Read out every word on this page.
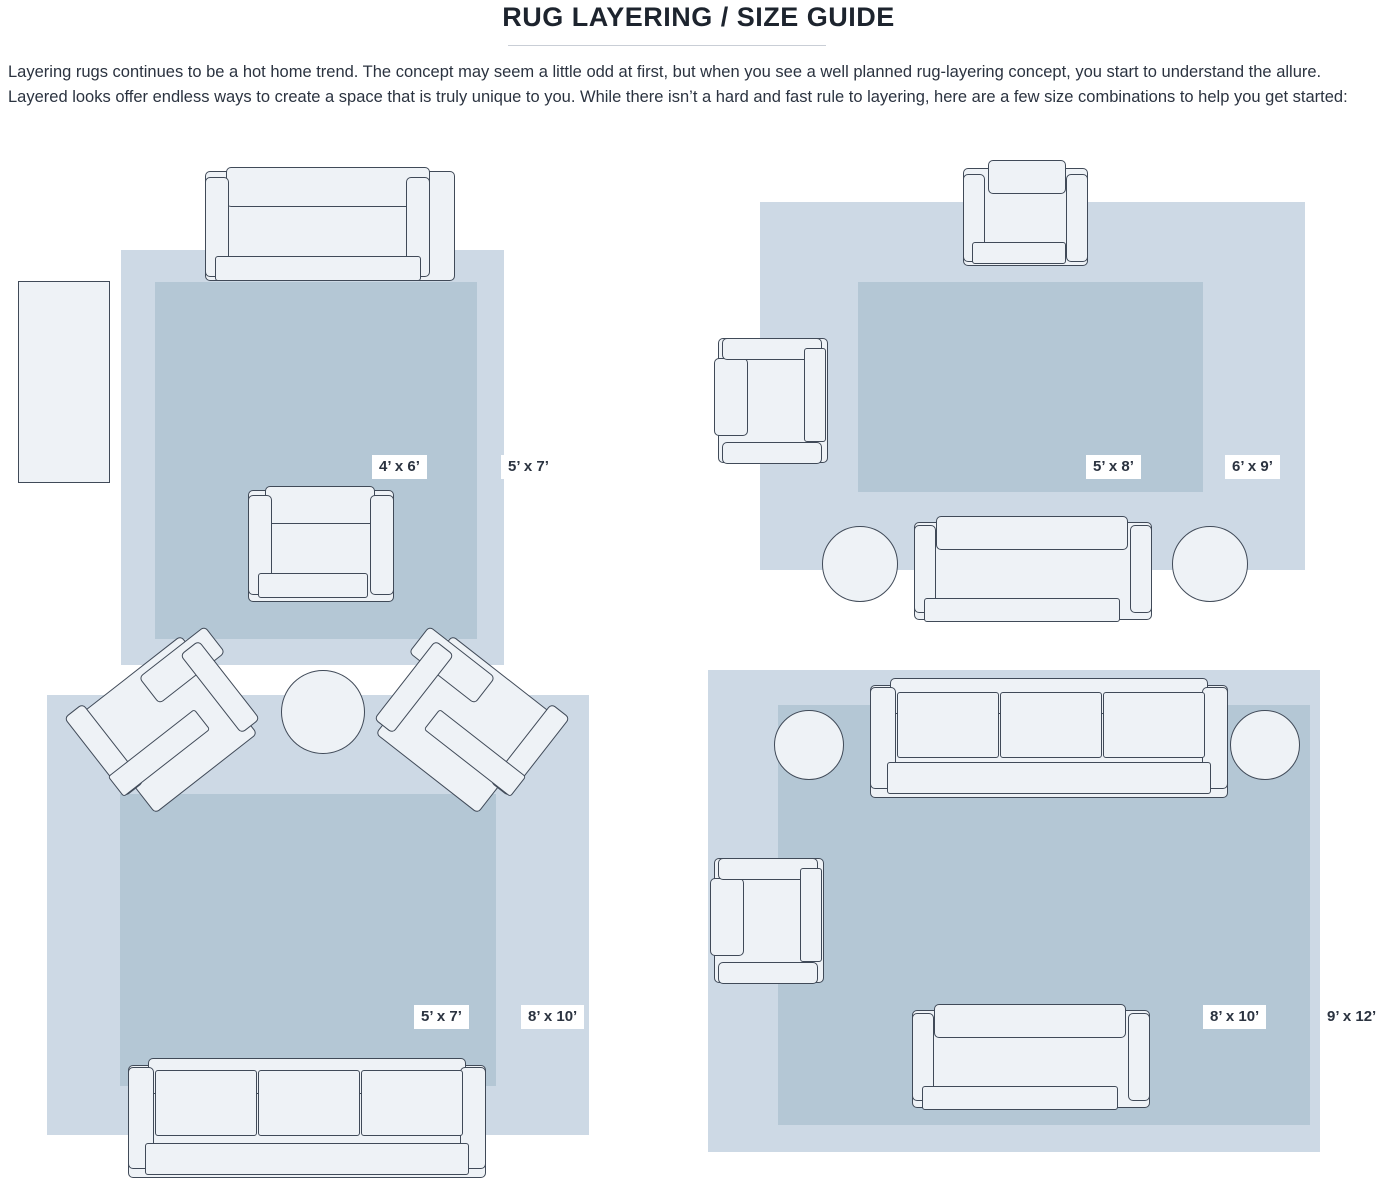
RUG LAYERING / SIZE GUIDE
Layering rugs continues to be a hot home trend. The concept may seem a little odd at first, but when you see a well planned rug-layering concept, you start to understand the allure. Layered looks offer endless ways to create a space that is truly unique to you. While there isn’t a hard and fast rule to layering, here are a few size combinations to help you get started:
4’ x 6’	5’ x 7’	5’ x 8’	6’ x 9’
5’ x 7’	8’ x 10’	8’ x 10’	9’ x 12’
